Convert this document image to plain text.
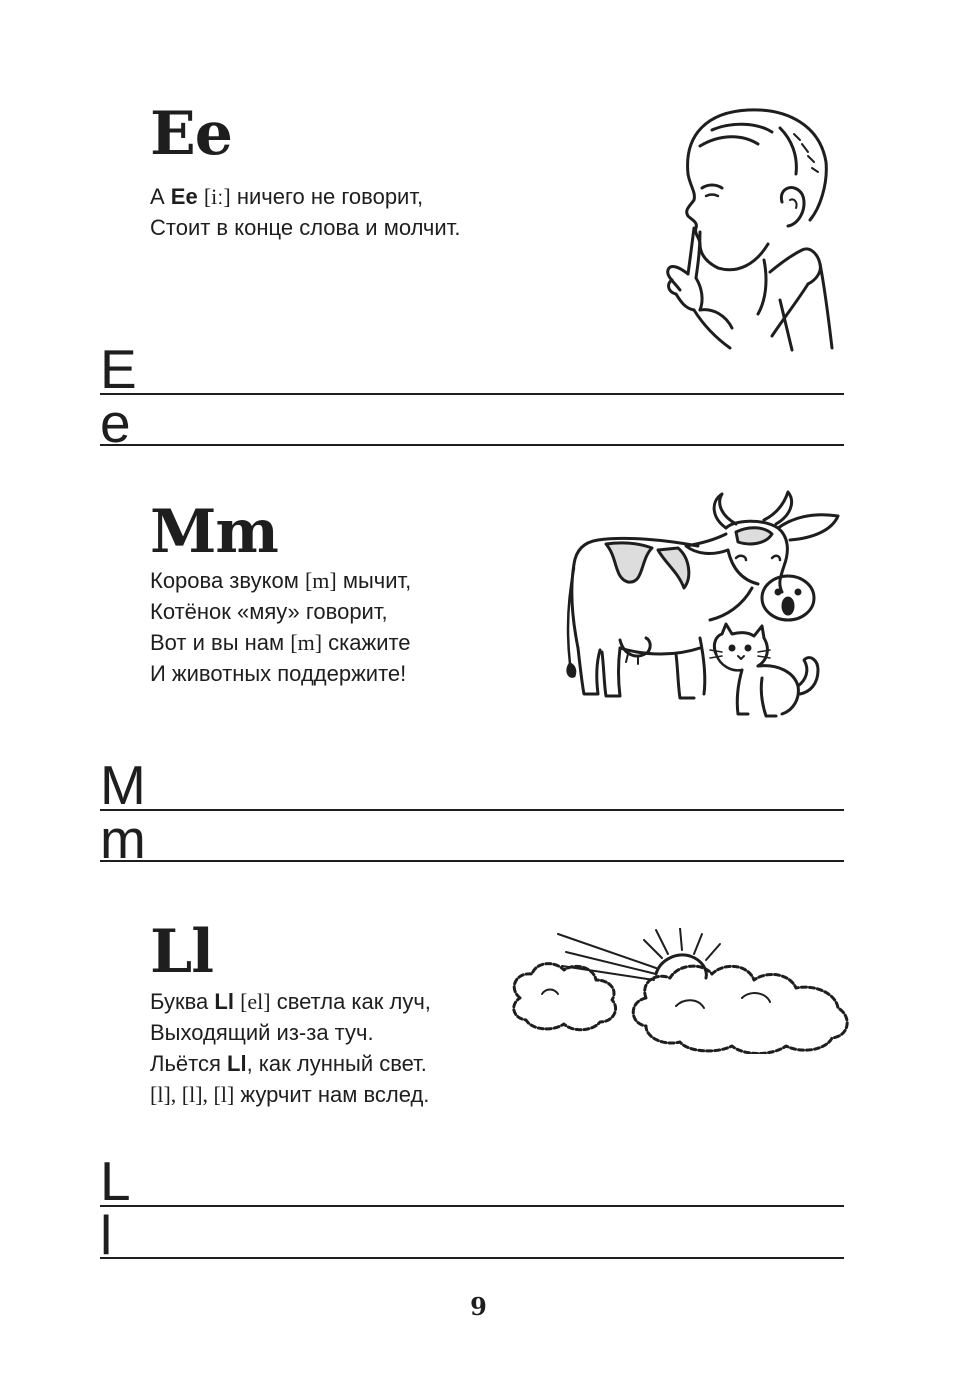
Ee
А Ee [iː] ничего не говорит,
Стоит в конце слова и молчит.
E
e
Mm
Корова звуком [m] мычит,
Котёнок «мяу» говорит,
Вот и вы нам [m] скажите
И животных поддержите!
M
m
Ll
Буква Ll [el] светла как луч,
Выходящий из-за туч.
Льётся Ll, как лунный свет.
[l], [l], [l] журчит нам вслед.
L
l
9
